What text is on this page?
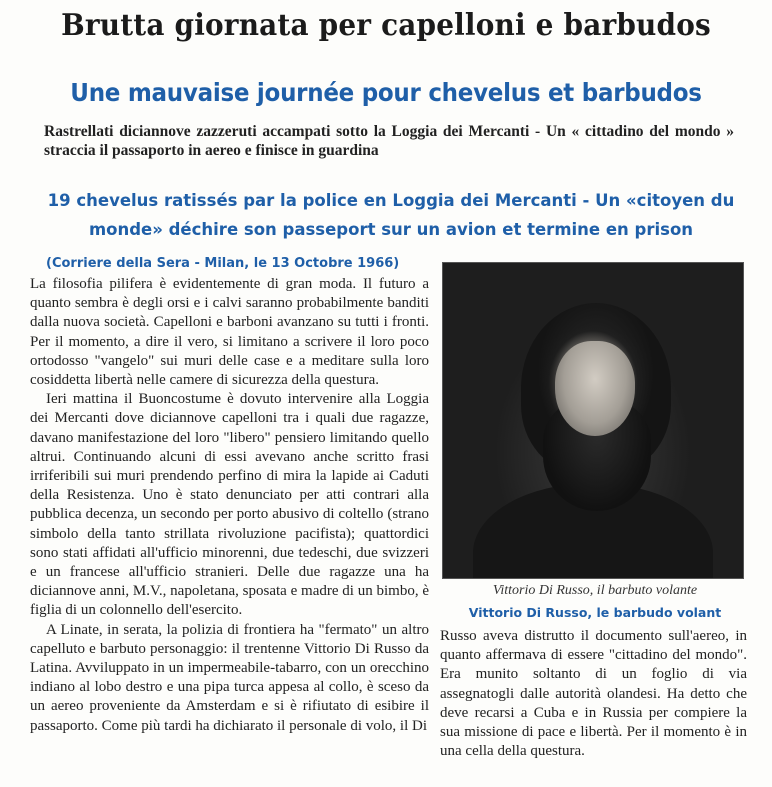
Brutta giornata per capelloni e barbudos
Une mauvaise journée pour chevelus et barbudos
Rastrellati diciannove zazzeruti accampati sotto la Loggia dei Mercanti - Un « cittadino del mondo » straccia il passaporto in aereo e finisce in guardina
19 chevelus ratissés par la police en Loggia dei Mercanti - Un «citoyen du monde» déchire son passeport sur un avion et termine en prison
(Corriere della Sera - Milan, le 13 Octobre 1966)

La filosofia pilifera è evidentemente di gran moda. Il futuro a quanto sembra è degli orsi e i calvi saranno probabilmente banditi dalla nuova società. Capelloni e barboni avanzano su tutti i fronti. Per il momento, a dire il vero, si limitano a scrivere il loro poco ortodosso "vangelo" sui muri delle case e a meditare sulla loro cosiddetta libertà nelle camere di sicurezza della questura.

Ieri mattina il Buoncostume è dovuto intervenire alla Loggia dei Mercanti dove diciannove capelloni tra i quali due ragazze, davano manifestazione del loro "libero" pensiero limitando quello altrui. Continuando alcuni di essi avevano anche scritto frasi irriferibili sui muri prendendo perfino di mira la lapide ai Caduti della Resistenza. Uno è stato denunciato per atti contrari alla pubblica decenza, un secondo per porto abusivo di coltello (strano simbolo della tanto strillata rivoluzione pacifista); quattordici sono stati affidati all'ufficio minorenni, due tedeschi, due svizzeri e un francese all'ufficio stranieri. Delle due ragazze una ha diciannove anni, M.V., napoletana, sposata e madre di un bimbo, è figlia di un colonnello dell'esercito.

A Linate, in serata, la polizia di frontiera ha "fermato" un altro capelluto e barbuto personaggio: il trentenne Vittorio Di Russo da Latina. Avviluppato in un impermeabile-tabarro, con un orecchino indiano al lobo destro e una pipa turca appesa al collo, è sceso da un aereo proveniente da Amsterdam e si è rifiutato di esibire il passaporto. Come più tardi ha dichiarato il personale di volo, il Di

Vittorio Di Russo, il barbuto volante
Vittorio Di Russo, le barbudo volant

Russo aveva distrutto il documento sull'aereo, in quanto affermava di essere "cittadino del mondo". Era munito soltanto di un foglio di via assegnatogli dalle autorità olandesi. Ha detto che deve recarsi a Cuba e in Russia per compiere la sua missione di pace e libertà. Per il momento è in una cella della questura.
